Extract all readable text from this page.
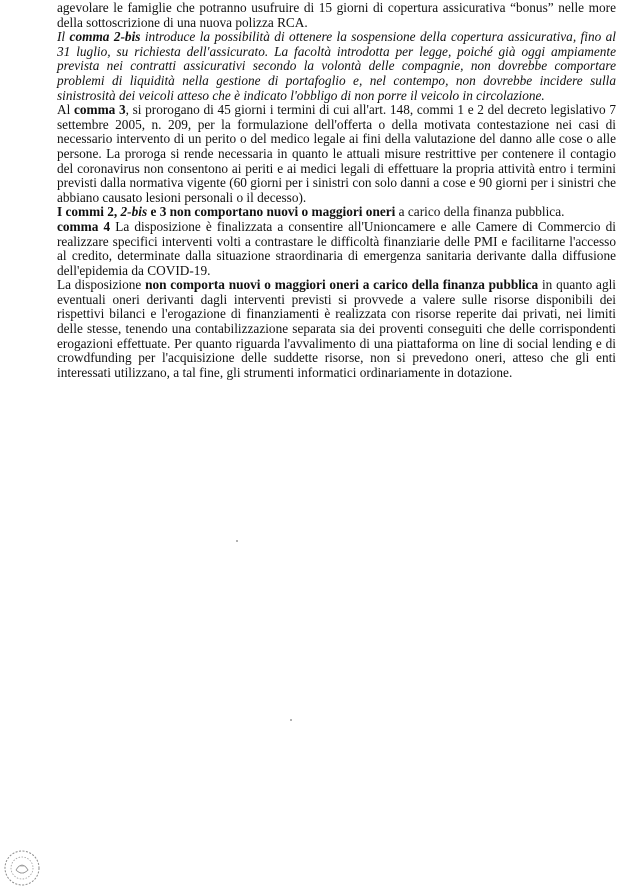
agevolare le famiglie che potranno usufruire di 15 giorni di copertura assicurativa “bonus” nelle more della sottoscrizione di una nuova polizza RCA.

Il comma 2-bis introduce la possibilità di ottenere la sospensione della copertura assicurativa, fino al 31 luglio, su richiesta dell'assicurato. La facoltà introdotta per legge, poiché già oggi ampiamente prevista nei contratti assicurativi secondo la volontà delle compagnie, non dovrebbe comportare problemi di liquidità nella gestione di portafoglio e, nel contempo, non dovrebbe incidere sulla sinistrosità dei veicoli atteso che è indicato l'obbligo di non porre il veicolo in circolazione.

Al comma 3, si prorogano di 45 giorni i termini di cui all'art. 148, commi 1 e 2 del decreto legislativo 7 settembre 2005, n. 209, per la formulazione dell'offerta o della motivata contestazione nei casi di necessario intervento di un perito o del medico legale ai fini della valutazione del danno alle cose o alle persone. La proroga si rende necessaria in quanto le attuali misure restrittive per contenere il contagio del coronavirus non consentono ai periti e ai medici legali di effettuare la propria attività entro i termini previsti dalla normativa vigente (60 giorni per i sinistri con solo danni a cose e 90 giorni per i sinistri che abbiano causato lesioni personali o il decesso).

I commi 2, 2-bis e 3 non comportano nuovi o maggiori oneri a carico della finanza pubblica.

comma 4 La disposizione è finalizzata a consentire all'Unioncamere e alle Camere di Commercio di realizzare specifici interventi volti a contrastare le difficoltà finanziarie delle PMI e facilitarne l'accesso al credito, determinate dalla situazione straordinaria di emergenza sanitaria derivante dalla diffusione dell'epidemia da COVID-19.

La disposizione non comporta nuovi o maggiori oneri a carico della finanza pubblica in quanto agli eventuali oneri derivanti dagli interventi previsti si provvede a valere sulle risorse disponibili dei rispettivi bilanci e l'erogazione di finanziamenti è realizzata con risorse reperite dai privati, nei limiti delle stesse, tenendo una contabilizzazione separata sia dei proventi conseguiti che delle corrispondenti erogazioni effettuate. Per quanto riguarda l'avvalimento di una piattaforma on line di social lending e di crowdfunding per l'acquisizione delle suddette risorse, non si prevedono oneri, atteso che gli enti interessati utilizzano, a tal fine, gli strumenti informatici ordinariamente in dotazione.
